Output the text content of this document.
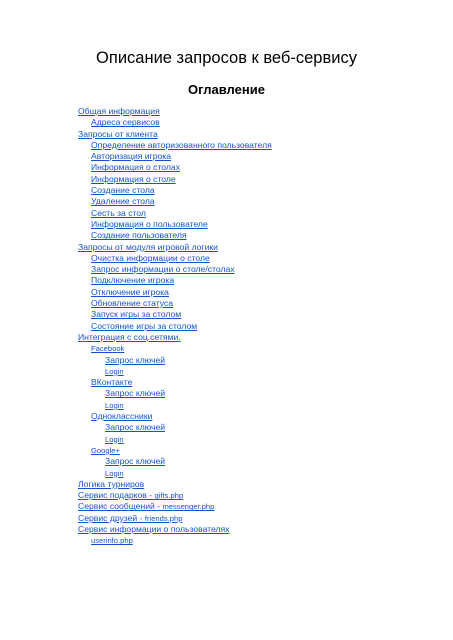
Описание запросов к веб-сервису
Оглавление
Общая информация
Адреса сервисов
Запросы от клиента
Определение авторизованного пользователя
Авторизация игрока
Информация о столах
Информация о столе
Создание стола
Удаление стола
Сесть за стол
Информация о пользователе
Создание пользователя
Запросы от модуля игровой логики
Очистка информации о столе
Запрос информации о столе/столах
Подключение игрока
Отключение игрока
Обновление статуса
Запуск игры за столом
Состояние игры за столом
Интеграция с соц.сетями.
Facebook
Запрос ключей
Login
ВКонтакте
Запрос ключей
Login
Одноклассники
Запрос ключей
Login
Google+
Запрос ключей
Login
Логика турниров
Сервис подарков - gifts.php
Сервис сообщений - messenger.php
Сервис друзей - friends.php
Сервис информации о пользователях
userinfo.php
